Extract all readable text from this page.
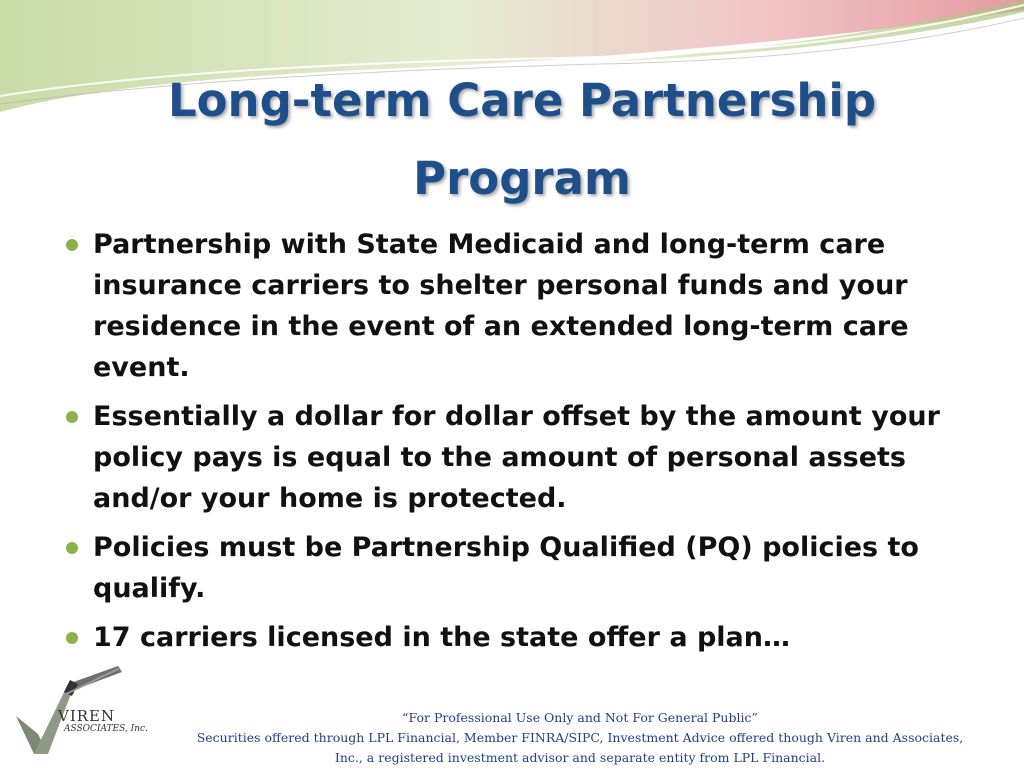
Long-term Care Partnership
Program
Partnership with State Medicaid and long-term care insurance carriers to shelter personal funds and your residence in the event of an extended long-term care event.
Essentially a dollar for dollar offset by the amount your policy pays is equal to the amount of personal assets and/or your home is protected.
Policies must be Partnership Qualified (PQ) policies to qualify.
17 carriers licensed in the state offer a plan…
VIREN
ASSOCIATES, Inc.

“For Professional Use Only and Not For General Public”
Securities offered through LPL Financial, Member FINRA/SIPC, Investment Advice offered though Viren and Associates,
Inc., a registered investment advisor and separate entity from LPL Financial.
